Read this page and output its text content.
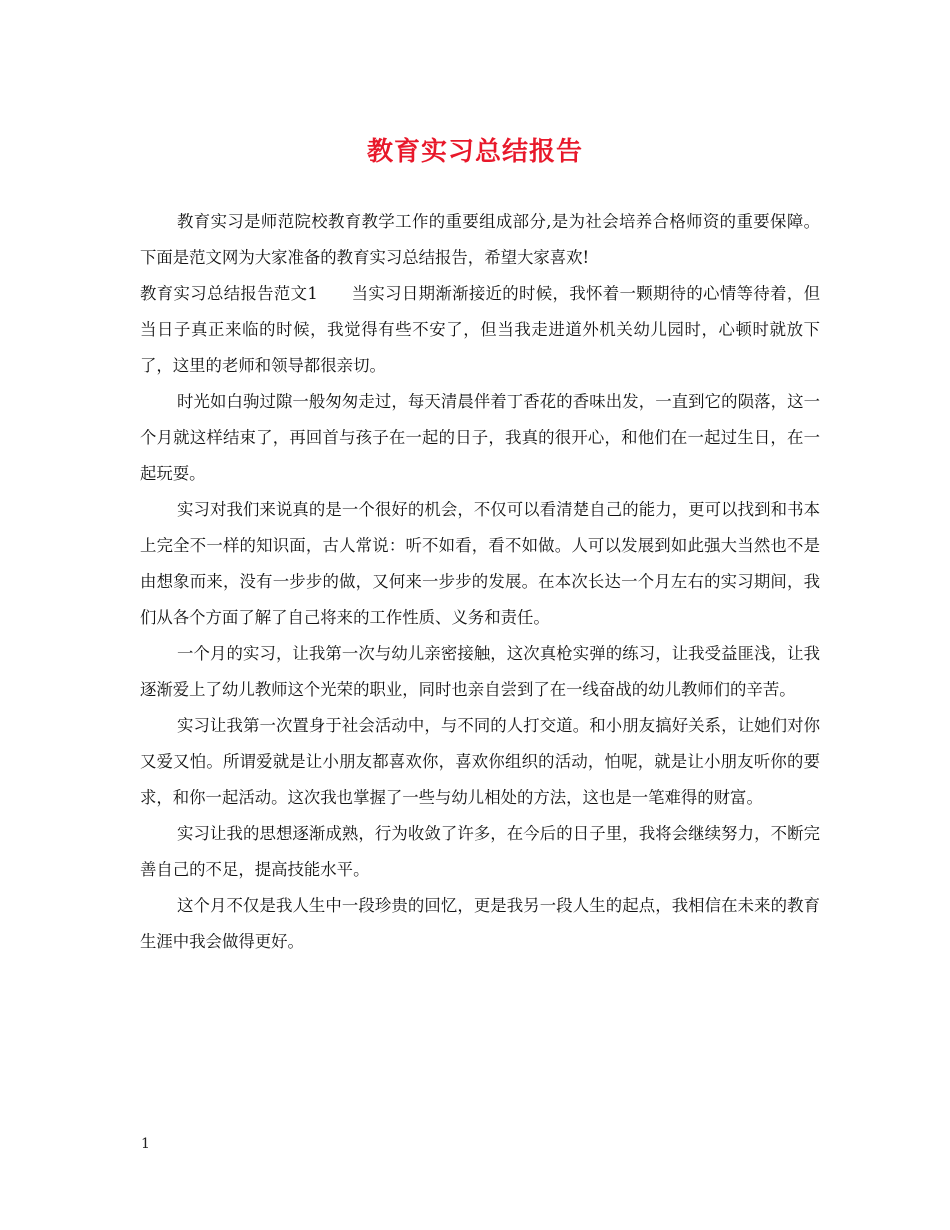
教育实习总结报告

教育实习是师范院校教育教学工作的重要组成部分,是为社会培养合格师资的重要保障。下面是范文网为大家准备的教育实习总结报告，希望大家喜欢!

教育实习总结报告范文1　　当实习日期渐渐接近的时候，我怀着一颗期待的心情等待着，但当日子真正来临的时候，我觉得有些不安了，但当我走进道外机关幼儿园时，心顿时就放下了，这里的老师和领导都很亲切。

时光如白驹过隙一般匆匆走过，每天清晨伴着丁香花的香味出发，一直到它的陨落，这一个月就这样结束了，再回首与孩子在一起的日子，我真的很开心，和他们在一起过生日，在一起玩耍。

实习对我们来说真的是一个很好的机会，不仅可以看清楚自己的能力，更可以找到和书本上完全不一样的知识面，古人常说：听不如看，看不如做。人可以发展到如此强大当然也不是由想象而来，没有一步步的做，又何来一步步的发展。在本次长达一个月左右的实习期间，我们从各个方面了解了自己将来的工作性质、义务和责任。

一个月的实习，让我第一次与幼儿亲密接触，这次真枪实弹的练习，让我受益匪浅，让我逐渐爱上了幼儿教师这个光荣的职业，同时也亲自尝到了在一线奋战的幼儿教师们的辛苦。

实习让我第一次置身于社会活动中，与不同的人打交道。和小朋友搞好关系，让她们对你又爱又怕。所谓爱就是让小朋友都喜欢你，喜欢你组织的活动，怕呢，就是让小朋友听你的要求，和你一起活动。这次我也掌握了一些与幼儿相处的方法，这也是一笔难得的财富。

实习让我的思想逐渐成熟，行为收敛了许多，在今后的日子里，我将会继续努力，不断完善自己的不足，提高技能水平。

这个月不仅是我人生中一段珍贵的回忆，更是我另一段人生的起点，我相信在未来的教育生涯中我会做得更好。

1
